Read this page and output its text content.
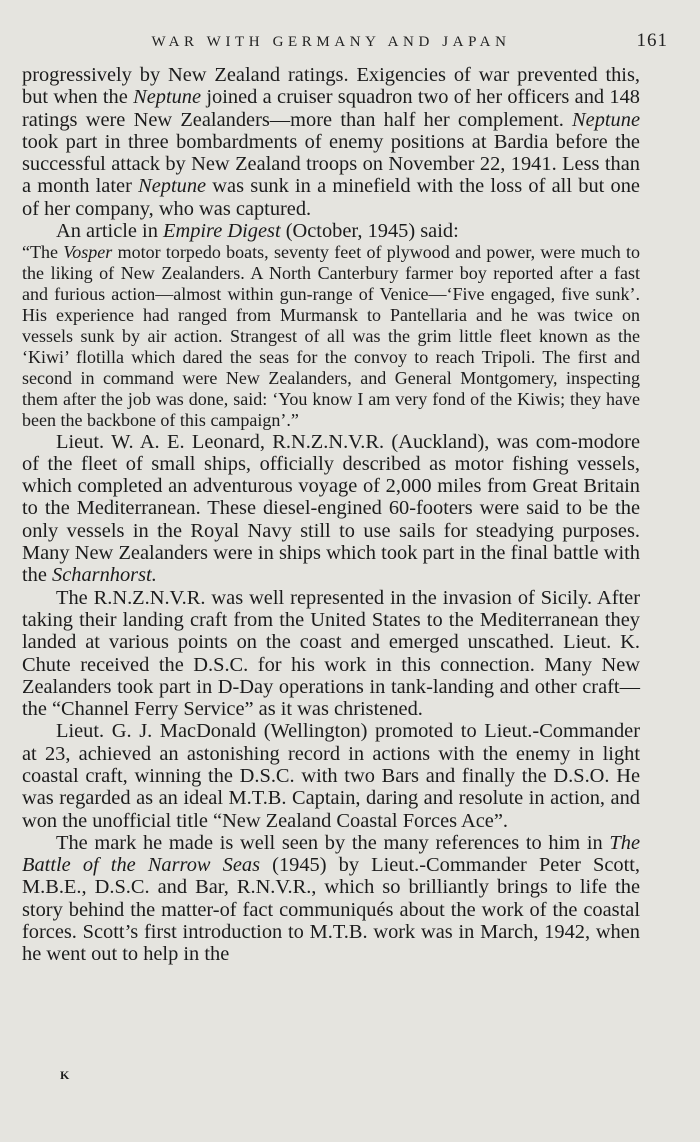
WAR WITH GERMANY AND JAPAN	161

progressively by New Zealand ratings. Exigencies of war prevented this, but when the Neptune joined a cruiser squadron two of her officers and 148 ratings were New Zealanders—more than half her complement. Neptune took part in three bombardments of enemy positions at Bardia before the successful attack by New Zealand troops on November 22, 1941. Less than a month later Neptune was sunk in a minefield with the loss of all but one of her company, who was captured.

An article in Empire Digest (October, 1945) said:

“The Vosper motor torpedo boats, seventy feet of plywood and power, were much to the liking of New Zealanders. A North Canterbury farmer boy reported after a fast and furious action—almost within gun-range of Venice—‘Five engaged, five sunk’. His experience had ranged from Murmansk to Pantellaria and he was twice on vessels sunk by air action. Strangest of all was the grim little fleet known as the ‘Kiwi’ flotilla which dared the seas for the convoy to reach Tripoli. The first and second in command were New Zealanders, and General Montgomery, inspecting them after the job was done, said: ‘You know I am very fond of the Kiwis; they have been the backbone of this campaign’.”

Lieut. W. A. E. Leonard, R.N.Z.N.V.R. (Auckland), was com-modore of the fleet of small ships, officially described as motor fishing vessels, which completed an adventurous voyage of 2,000 miles from Great Britain to the Mediterranean. These diesel-engined 60-footers were said to be the only vessels in the Royal Navy still to use sails for steadying purposes. Many New Zealanders were in ships which took part in the final battle with the Scharnhorst.

The R.N.Z.N.V.R. was well represented in the invasion of Sicily. After taking their landing craft from the United States to the Mediterranean they landed at various points on the coast and emerged unscathed. Lieut. K. Chute received the D.S.C. for his work in this connection. Many New Zealanders took part in D-Day operations in tank-landing and other craft—the “Channel Ferry Service” as it was christened.

Lieut. G. J. MacDonald (Wellington) promoted to Lieut.-Commander at 23, achieved an astonishing record in actions with the enemy in light coastal craft, winning the D.S.C. with two Bars and finally the D.S.O. He was regarded as an ideal M.T.B. Captain, daring and resolute in action, and won the unofficial title “New Zealand Coastal Forces Ace”.

The mark he made is well seen by the many references to him in The Battle of the Narrow Seas (1945) by Lieut.-Commander Peter Scott, M.B.E., D.S.C. and Bar, R.N.V.R., which so brilliantly brings to life the story behind the matter-of fact communiqués about the work of the coastal forces. Scott’s first introduction to M.T.B. work was in March, 1942, when he went out to help in the

K
